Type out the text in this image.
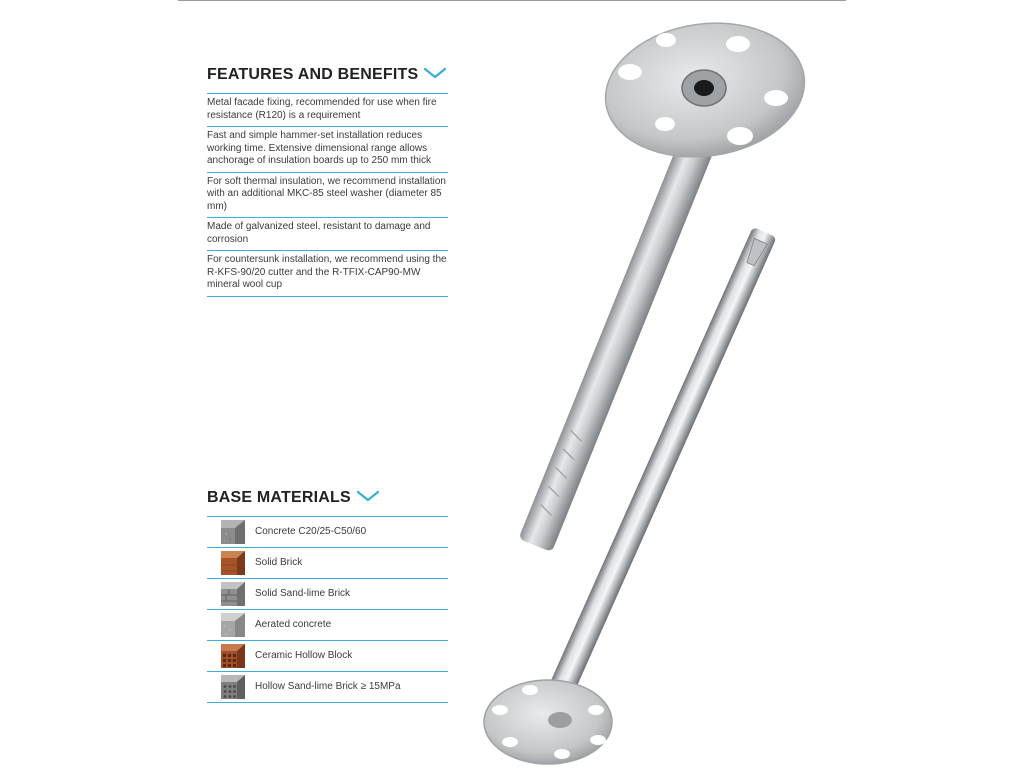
FEATURES AND BENEFITS
Metal facade fixing, recommended for use when fire resistance (R120) is a requirement
Fast and simple hammer-set installation reduces working time. Extensive dimensional range allows anchorage of insulation boards up to 250 mm thick
For soft thermal insulation, we recommend installation with an additional MKC-85 steel washer (diameter 85 mm)
Made of galvanized steel, resistant to damage and corrosion
For countersunk installation, we recommend using the R-KFS-90/20 cutter and the R-TFIX-CAP90-MW mineral wool cup
BASE MATERIALS
Concrete C20/25-C50/60
Solid Brick
Solid Sand-lime Brick
Aerated concrete
Ceramic Hollow Block
Hollow Sand-lime Brick ≥ 15MPa
